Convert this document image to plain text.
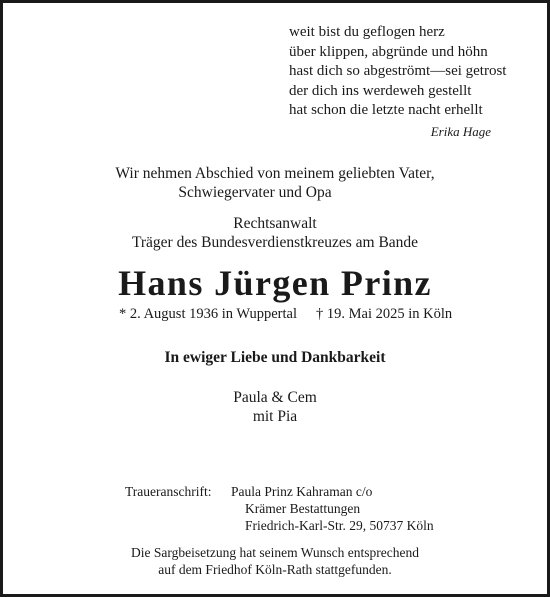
weit bist du geflogen herz
über klippen, abgründe und höhn
hast dich so abgeströmt—sei getrost
der dich ins werdeweh gestellt
hat schon die letzte nacht erhellt
Erika Hage
Wir nehmen Abschied von meinem geliebten Vater,
Schwiegervater und Opa
Rechtsanwalt
Träger des Bundesverdienstkreuzes am Bande
Hans Jürgen Prinz
* 2. August 1936 in Wuppertal † 19. Mai 2025 in Köln
In ewiger Liebe und Dankbarkeit
Paula & Cem
mit Pia
Traueranschrift: Paula Prinz Kahraman c/o
Krämer Bestattungen
Friedrich-Karl-Str. 29, 50737 Köln
Die Sargbeisetzung hat seinem Wunsch entsprechend
auf dem Friedhof Köln-Rath stattgefunden.
